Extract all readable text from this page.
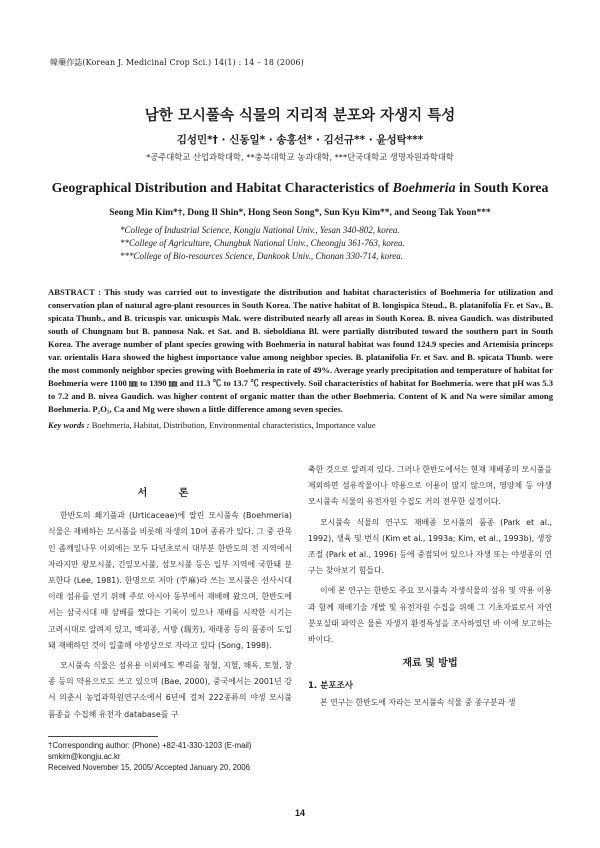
韓藥作誌(Korean J. Medicinal Crop Sci.) 14(1) : 14 – 18 (2006)
남한 모시풀속 식물의 지리적 분포와 자생지 특성
김성민*† · 신동일* · 송홍선* · 김선규** · 윤성탁***
*공주대학교 산업과학대학, **충북대학교 농과대학, ***단국대학교 생명자원과학대학
Geographical Distribution and Habitat Characteristics of Boehmeria in South Korea
Seong Min Kim*†, Dong Il Shin*, Hong Seon Song*, Sun Kyu Kim**, and Seong Tak Yoon***
*College of Industrial Science, Kongju National Univ., Yesan 340-802, korea.
**College of Agriculture, Chungbuk National Univ., Cheongju 361-763, korea.
***College of Bio-resources Science, Dankook Univ., Chonan 330-714, korea.
ABSTRACT : This study was carried out to investigate the distribution and habitat characteristics of Boehmeria for utilization and conservation plan of natural agro-plant resources in South Korea. The native habitat of B. longispica Steud., B. platanifolia Fr. et Sav., B. spicata Thunb., and B. tricuspis var. unicuspis Mak. were distributed nearly all areas in South Korea. B. nivea Gaudich. was distributed south of Chungnam but B. pannosa Nak. et Sat. and B. sieboldiana Bl. were partially distributed toward the southern part in South Korea. The average number of plant species growing with Boehmeria in natural habitat was found 124.9 species and Artemisia princeps var. orientalis Hara showed the highest importance value among neighbor species. B. platanifolia Fr. et Sav. and B. spicata Thunb. were the most commonly neighbor species growing with Boehmeria in rate of 49%. Average yearly precipitation and temperature of habitat for Boehmeria were 1100 ㎜ to 1390 ㎜ and 11.3 ℃ to 13.7 ℃ respectively. Soil characteristics of habitat for Boehmeria. were that pH was 5.3 to 7.2 and B. nivea Gaudich. was higher content of organic matter than the other Boehmeria. Content of K and Na were similar among Boehmeria. P₂O₅, Ca and Mg were shown a little difference among seven species.
Key words : Boehmeria, Habitat, Distribution, Environmental characteristics, Importance value
서 론

한반도의 쐐기풀과 (Urticaceae)에 딸린 모시풀속 (Boehmeria) 식물은 재배하는 모시풀을 비롯해 자생의 10여 종류가 있다. 그 중 관목인 좀깨잎나무 이외에는 모두 다년초로서 대부분 한반도의 전 지역에서 자라지만 왕모시풀, 긴잎모시풀, 섬모시풀 등은 일부 지역에 국한돼 분포한다 (Lee, 1981). 한명으로 저마 (苧麻)라 쓰는 모시풀은 선사시대 이래 섬유를 얻기 위해 주로 아시아 동부에서 재배해 왔으며, 한반도에서는 삼국시대 때 삼베를 짰다는 기록이 있으나 재배를 시작한 시기는 고려시대로 알려져 있고, 백피종, 서방 (瑞芳), 재래종 등의 품종이 도입돼 재배하던 것이 일출해 야생상으로 자라고 있다 (Song, 1998).

모시풀속 식물은 섬유용 이외에도 뿌리를 청혈, 지혈, 해독, 토혈, 창종 등의 약용으로도 쓰고 있으며 (Bae, 2000), 중국에서는 2001년 강서 의춘시 농업과학원연구소에서 6년에 걸쳐 222종류의 야생 모시풀 품종을 수집해 유전자 database를 구

축한 것으로 알려져 있다. 그러나 한반도에서는 현재 재배종의 모시풀을 제외하면 섬유작물이나 약용으로 이용이 많지 않으며, 영양체 등 야생 모시풀속 식물의 유전자원 수집도 거의 전무한 실정이다.

모시풀속 식물의 연구도 재배종 모시풀의 품종 (Park et al., 1992), 생육 및 번식 (Kim et al., 1993a; Kim, et al., 1993b), 생장조절 (Park et al., 1996) 등에 중점되어 있으나 자생 또는 야생종의 연구는 찾아보기 힘들다.

이에 본 연구는 한반도 주요 모시풀속 자생식물의 섬유 및 약용 이용과 함께 재배기술 개발 및 유전자원 수집을 위해 그 기초자료로서 자연분포실태 파악은 물론 자생지 환경특성을 조사하였던 바 이에 보고하는 바이다.

재료 및 방법
1. 분포조사

본 연구는 한반도에 자라는 모시풀속 식물 중 종구분과 생

†Corresponding author: (Phone) +82-41-330-1203 (E-mail) smkim@kongju.ac.kr
Received November 15, 2005/ Accepted January 20, 2006
14
